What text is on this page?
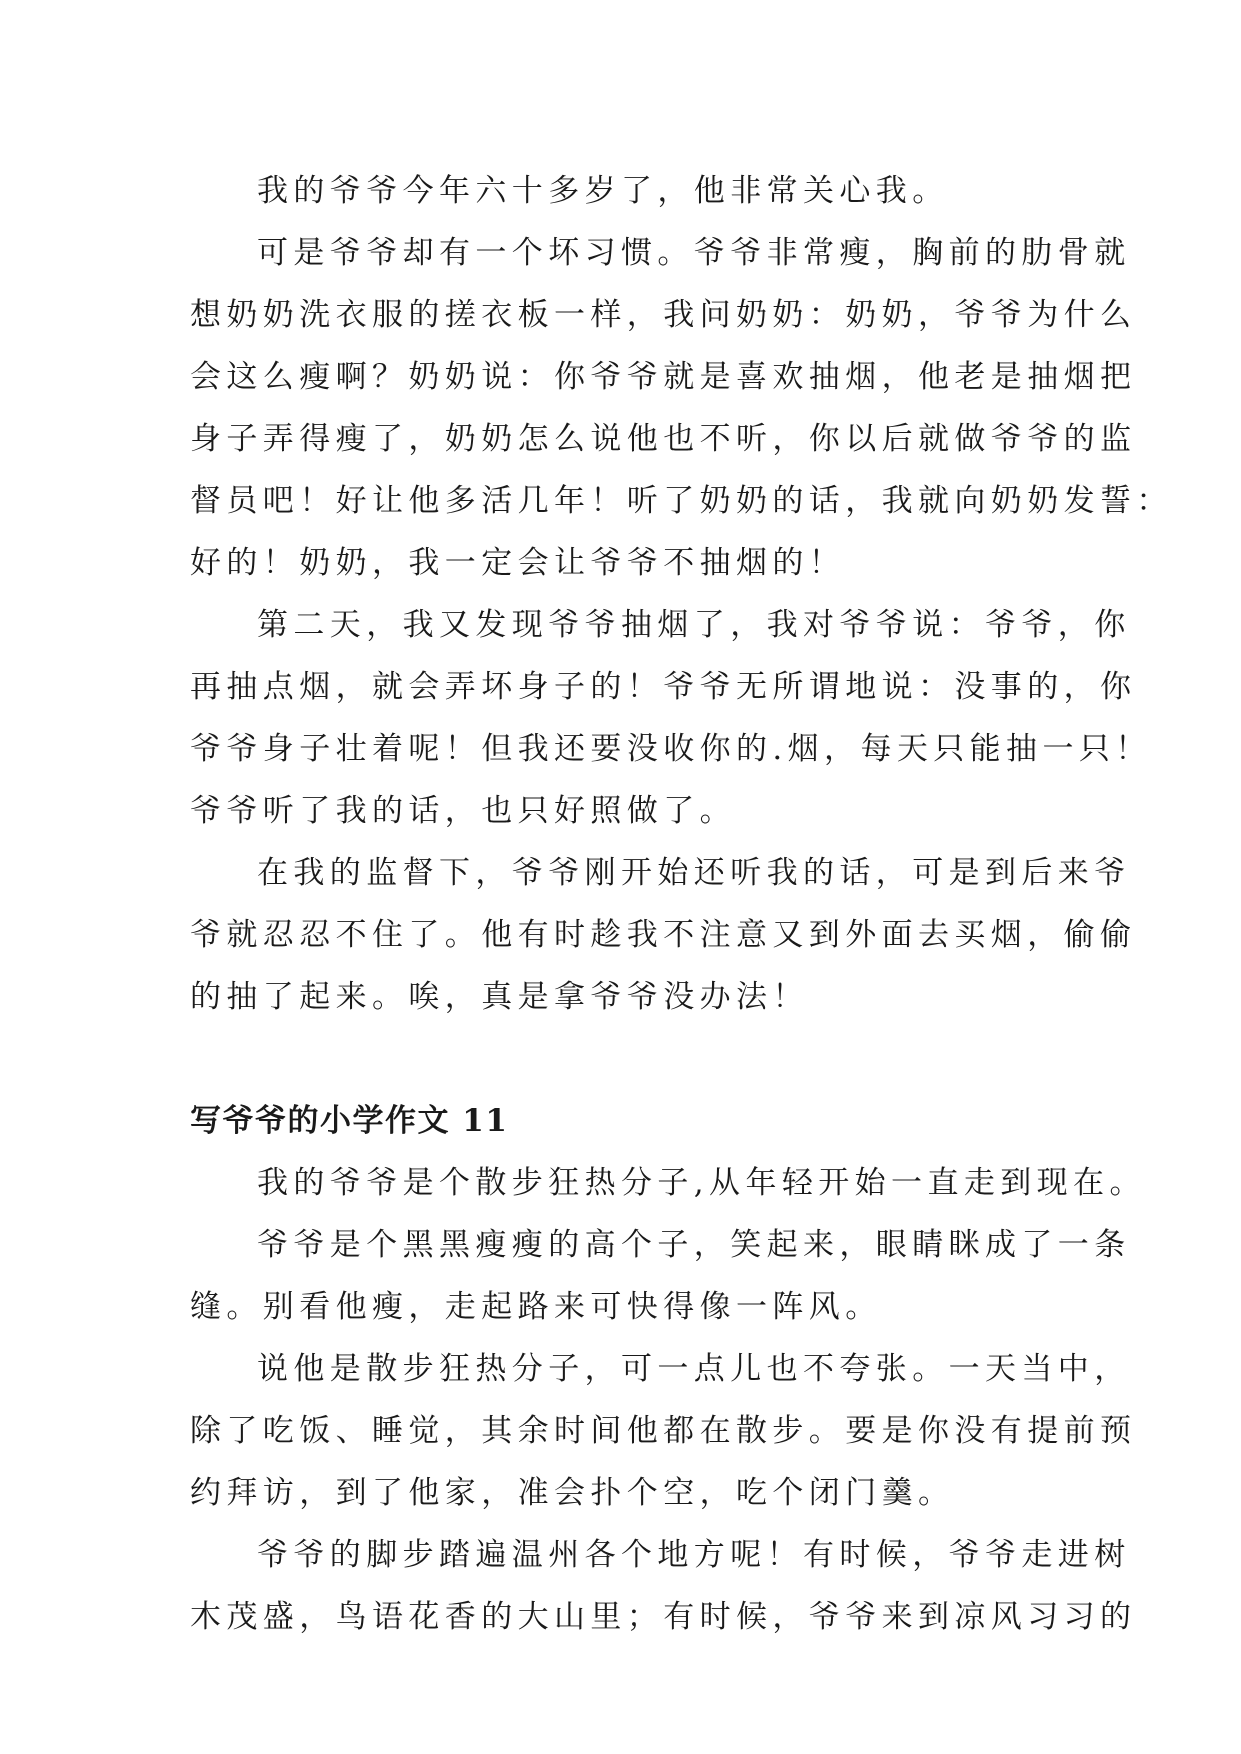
我的爷爷今年六十多岁了，他非常关心我。

可是爷爷却有一个坏习惯。爷爷非常瘦，胸前的肋骨就
想奶奶洗衣服的搓衣板一样，我问奶奶：奶奶，爷爷为什么
会这么瘦啊？奶奶说：你爷爷就是喜欢抽烟，他老是抽烟把
身子弄得瘦了，奶奶怎么说他也不听，你以后就做爷爷的监
督员吧！好让他多活几年！听了奶奶的话，我就向奶奶发誓：
好的！奶奶，我一定会让爷爷不抽烟的！

第二天，我又发现爷爷抽烟了，我对爷爷说：爷爷，你
再抽点烟，就会弄坏身子的！爷爷无所谓地说：没事的，你
爷爷身子壮着呢！但我还要没收你的.烟，每天只能抽一只！
爷爷听了我的话，也只好照做了。

在我的监督下，爷爷刚开始还听我的话，可是到后来爷
爷就忍忍不住了。他有时趁我不注意又到外面去买烟，偷偷
的抽了起来。唉，真是拿爷爷没办法！

写爷爷的小学作文 11

我的爷爷是个散步狂热分子,从年轻开始一直走到现在。

爷爷是个黑黑瘦瘦的高个子，笑起来，眼睛眯成了一条
缝。别看他瘦，走起路来可快得像一阵风。

说他是散步狂热分子，可一点儿也不夸张。一天当中，
除了吃饭、睡觉，其余时间他都在散步。要是你没有提前预
约拜访，到了他家，准会扑个空，吃个闭门羹。

爷爷的脚步踏遍温州各个地方呢！有时候，爷爷走进树
木茂盛，鸟语花香的大山里；有时候，爷爷来到凉风习习的
